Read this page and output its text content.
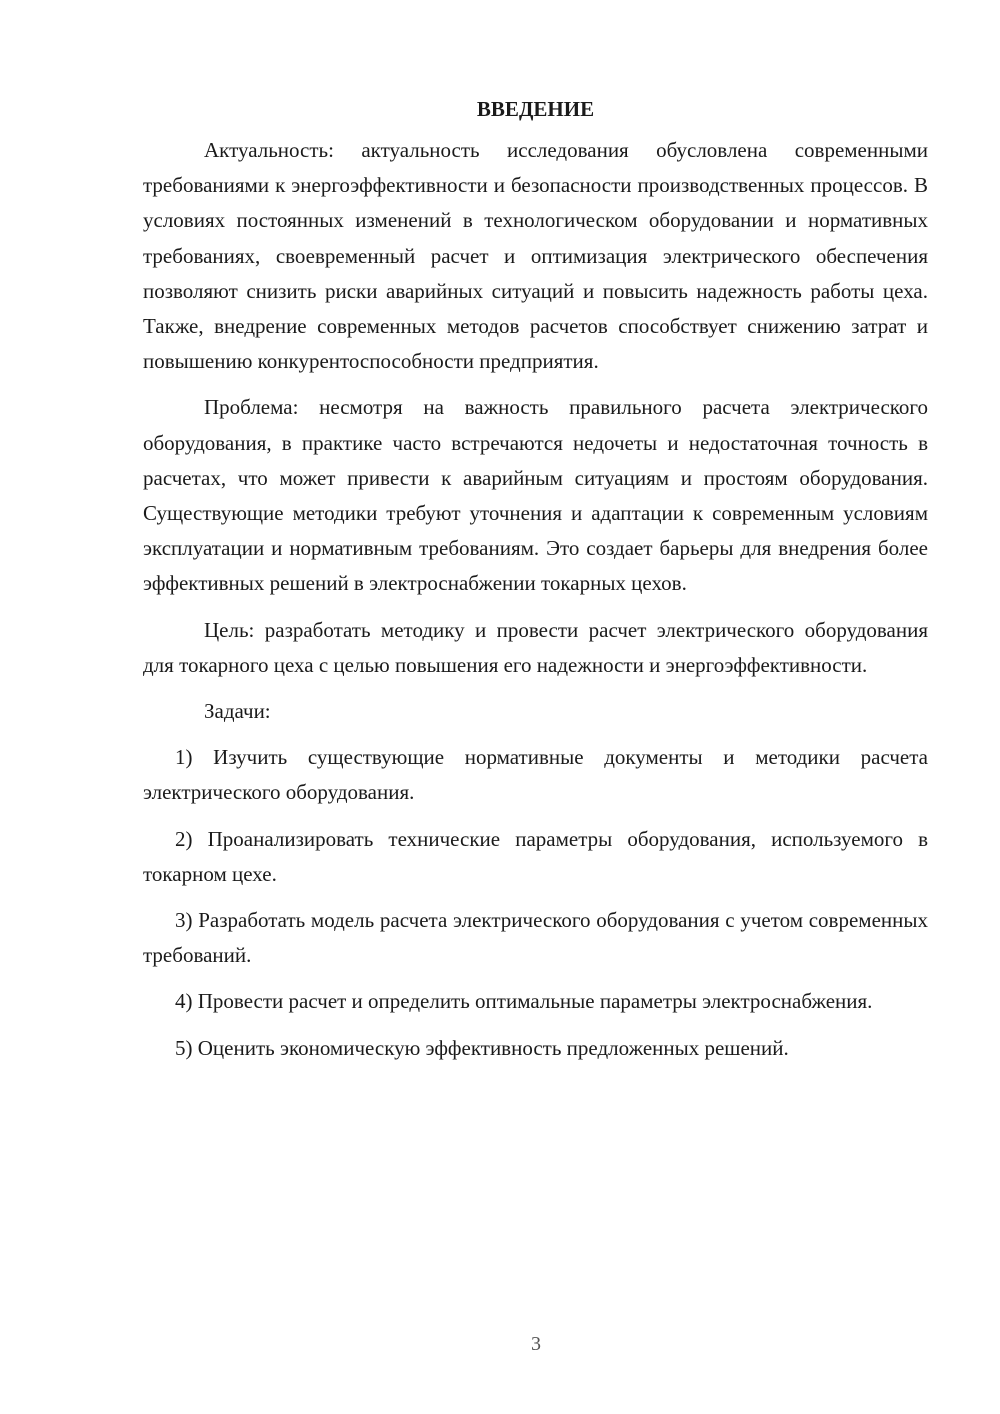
ВВЕДЕНИЕ

Актуальность: актуальность исследования обусловлена современными требованиями к энергоэффективности и безопасности производственных процессов. В условиях постоянных изменений в технологическом оборудовании и нормативных требованиях, своевременный расчет и оптимизация электрического обеспечения позволяют снизить риски аварийных ситуаций и повысить надежность работы цеха. Также, внедрение современных методов расчетов способствует снижению затрат и повышению конкурентоспособности предприятия.

Проблема: несмотря на важность правильного расчета электрического оборудования, в практике часто встречаются недочеты и недостаточная точность в расчетах, что может привести к аварийным ситуациям и простоям оборудования. Существующие методики требуют уточнения и адаптации к современным условиям эксплуатации и нормативным требованиям. Это создает барьеры для внедрения более эффективных решений в электроснабжении токарных цехов.

Цель: разработать методику и провести расчет электрического оборудования для токарного цеха с целью повышения его надежности и энергоэффективности.

Задачи:

1) Изучить существующие нормативные документы и методики расчета электрического оборудования.

2) Проанализировать технические параметры оборудования, используемого в токарном цехе.

3) Разработать модель расчета электрического оборудования с учетом современных требований.

4) Провести расчет и определить оптимальные параметры электроснабжения.

5) Оценить экономическую эффективность предложенных решений.

3
